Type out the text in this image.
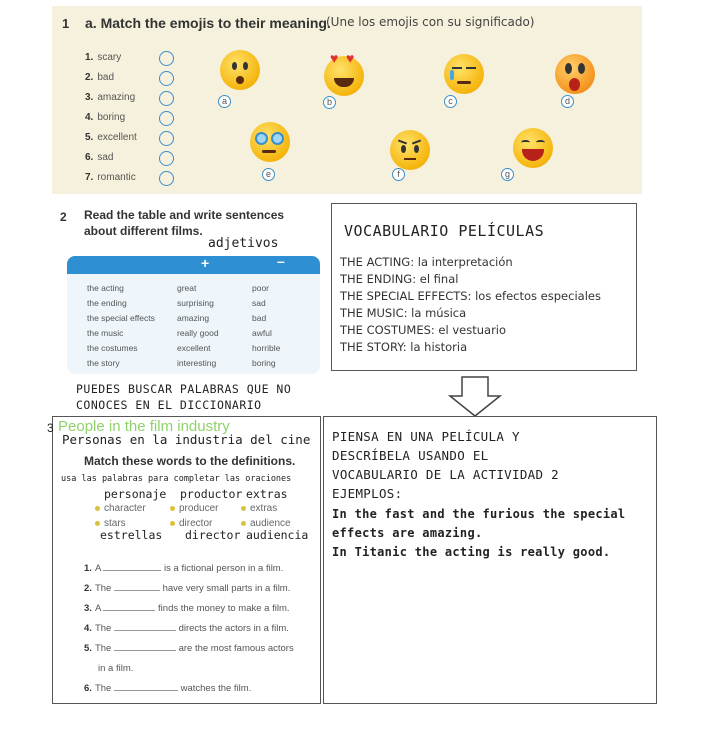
1 a. Match the emojis to their meaning.
(Une los emojis con su significado)
1. scary
2. bad
3. amazing
4. boring
5. excellent
6. sad
7. romantic
♥ ♥
a	b	c	d
e	f	g
2 Read the table and write sentences
about different films.
adjetivos
+	–
the acting	great	poor
the ending	surprising	sad
the special effects	amazing	bad
the music	really good	awful
the costumes	excellent	horrible
the story	interesting	boring
VOCABULARIO PELÍCULAS
THE ACTING: la interpretación
THE ENDING: el final
THE SPECIAL EFFECTS: los efectos especiales
THE MUSIC: la música
THE COSTUMES: el vestuario
THE STORY: la historia
PUEDES BUSCAR PALABRAS QUE NO
CONOCES EN EL DICCIONARIO
3 People in the film industry
Personas en la industria del cine
Match these words to the definitions.
usa las palabras para completar las oraciones
personaje productor extras
character	producer	extras
stars	director	audience
estrellas director audiencia
1. A	is a fictional person in a film.
2. The	have very small parts in a film.
3. A	finds the money to make a film.
4. The	directs the actors in a film.
5. The	are the most famous actors
in a film.
6. The	watches the film.
PIENSA EN UNA PELÍCULA Y
DESCRÍBELA USANDO EL
VOCABULARIO DE LA ACTIVIDAD 2
EJEMPLOS:
In the fast and the furious the special
effects are amazing.
In Titanic the acting is really good.
